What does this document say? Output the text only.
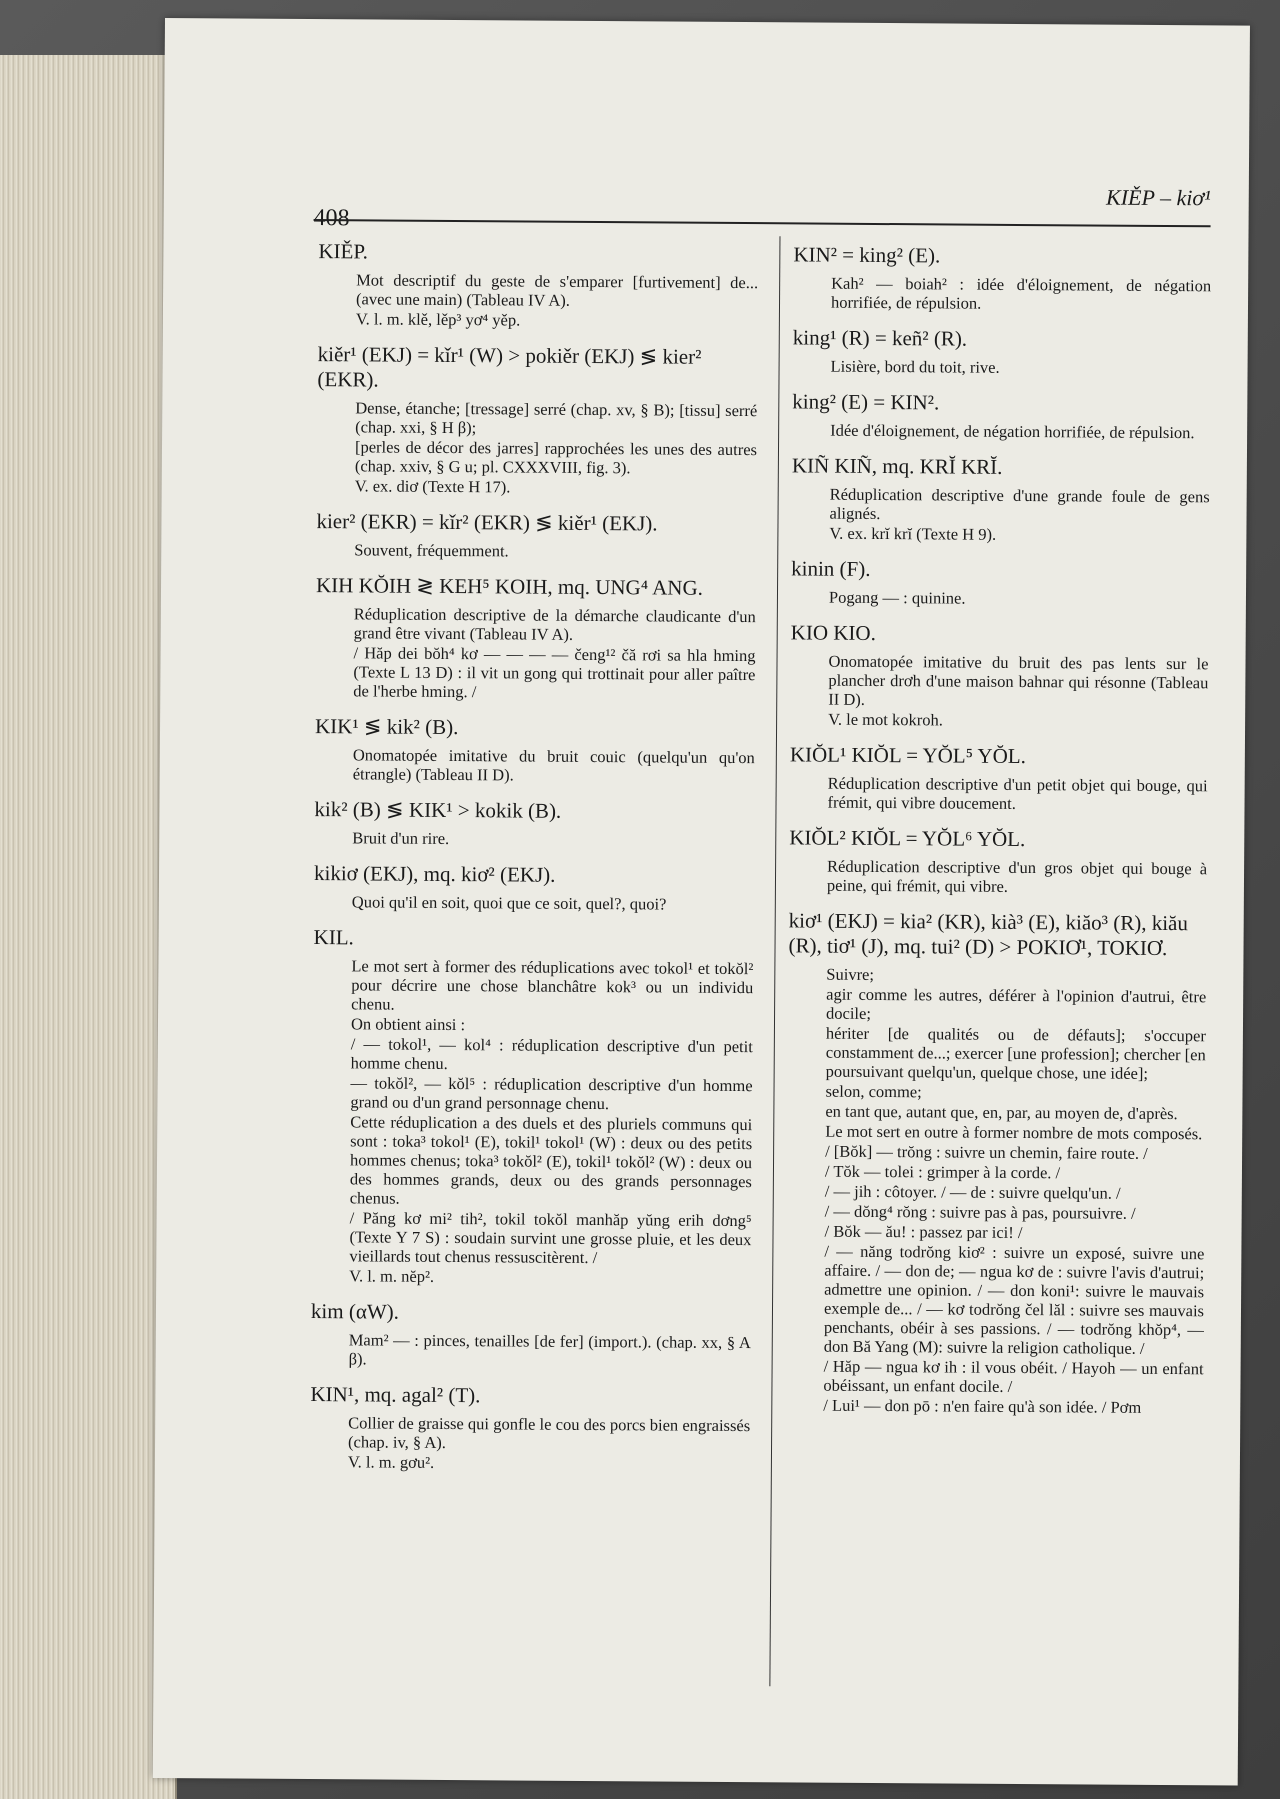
408
KIĚP – kiơ¹
KIĚP.

Mot descriptif du geste de s'emparer [furtivement] de... (avec une main) (Tableau IV A).

V. l. m. klě, lěp³ yơ⁴ yěp.

kiěr¹ (EKJ) = kǐr¹ (W) > pokiěr (EKJ) ≶ kier² (EKR).

Dense, étanche; [tressage] serré (chap. xv, § B); [tissu] serré (chap. xxi, § H β);

[perles de décor des jarres] rapprochées les unes des autres (chap. xxiv, § G u; pl. CXXXVIII, fig. 3).

V. ex. diơ (Texte H 17).

kier² (EKR) = kǐr² (EKR) ≶ kiěr¹ (EKJ).

Souvent, fréquemment.

KIH KŎIH ≷ KEH⁵ KOIH, mq. UNG⁴ ANG.

Réduplication descriptive de la démarche claudicante d'un grand être vivant (Tableau IV A).

/ Hăp dei bŏh⁴ kơ — — — — čeng¹² čă rơi sa hla hming (Texte L 13 D) : il vit un gong qui trottinait pour aller paître de l'herbe hming. /

KIK¹ ≶ kik² (B).

Onomatopée imitative du bruit couic (quelqu'un qu'on étrangle) (Tableau II D).

kik² (B) ≶ KIK¹ > kokik (B).

Bruit d'un rire.

kikiơ (EKJ), mq. kiơ² (EKJ).

Quoi qu'il en soit, quoi que ce soit, quel?, quoi?

KIL.

Le mot sert à former des réduplications avec tokol¹ et tokŏl² pour décrire une chose blanchâtre kok³ ou un individu chenu.

On obtient ainsi :

/ — tokol¹, — kol⁴ : réduplication descriptive d'un petit homme chenu.

— tokŏl², — kŏl⁵ : réduplication descriptive d'un homme grand ou d'un grand personnage chenu.

Cette réduplication a des duels et des pluriels communs qui sont : toka³ tokol¹ (E), tokil¹ tokol¹ (W) : deux ou des petits hommes chenus; toka³ tokŏl² (E), tokil¹ tokŏl² (W) : deux ou des hommes grands, deux ou des grands personnages chenus.

/ Păng kơ mi² tih², tokil tokŏl manhăp yŭng erih dơng⁵ (Texte Y 7 S) : soudain survint une grosse pluie, et les deux vieillards tout chenus ressuscitèrent. /

V. l. m. nĕp².

kim (αW).

Mam² — : pinces, tenailles [de fer] (import.). (chap. xx, § A β).

KIN¹, mq. agal² (T).

Collier de graisse qui gonfle le cou des porcs bien engraissés (chap. iv, § A).

V. l. m. gơu².

KIN² = king² (E).

Kah² — boiah² : idée d'éloignement, de négation horrifiée, de répulsion.

king¹ (R) = keñ² (R).

Lisière, bord du toit, rive.

king² (E) = KIN².

Idée d'éloignement, de négation horrifiée, de répulsion.

KIÑ KIÑ, mq. KRĬ KRĬ.

Réduplication descriptive d'une grande foule de gens alignés.

V. ex. krĭ krĭ (Texte H 9).

kinin (F).

Pogang — : quinine.

KIO KIO.

Onomatopée imitative du bruit des pas lents sur le plancher drơh d'une maison bahnar qui résonne (Tableau II D).

V. le mot kokroh.

KIŎL¹ KIŎL = YŎL⁵ YŎL.

Réduplication descriptive d'un petit objet qui bouge, qui frémit, qui vibre doucement.

KIŎL² KIŎL = YŎL⁶ YŎL.

Réduplication descriptive d'un gros objet qui bouge à peine, qui frémit, qui vibre.

kiơ¹ (EKJ) = kia² (KR), kià³ (E), kiăo³ (R), kiău (R), tiơ¹ (J), mq. tui² (D) > POKIƠ¹, TOKIƠ.

Suivre;

agir comme les autres, déférer à l'opinion d'autrui, être docile;

hériter [de qualités ou de défauts]; s'occuper constamment de...; exercer [une profession]; chercher [en poursuivant quelqu'un, quelque chose, une idée];

selon, comme;

en tant que, autant que, en, par, au moyen de, d'après.

Le mot sert en outre à former nombre de mots composés.

/ [Bŏk] — trŏng : suivre un chemin, faire route. /

/ Tŏk — tolei : grimper à la corde. /

/ — jih : côtoyer. / — de : suivre quelqu'un. /

/ — dŏng⁴ rŏng : suivre pas à pas, poursuivre. /

/ Bŏk — ău! : passez par ici! /

/ — năng todrŏng kiơ² : suivre un exposé, suivre une affaire. / — don de; — ngua kơ de : suivre l'avis d'autrui; admettre une opinion. / — don koni¹: suivre le mauvais exemple de... / — kơ todrŏng čel lăl : suivre ses mauvais penchants, obéir à ses passions. / — todrŏng khŏp⁴, — don Bă Yang (M): suivre la religion catholique. /

/ Hăp — ngua kơ ih : il vous obéit. / Hayoh — un enfant obéissant, un enfant docile. /

/ Lui¹ — don pō : n'en faire qu'à son idée. / Pơm
